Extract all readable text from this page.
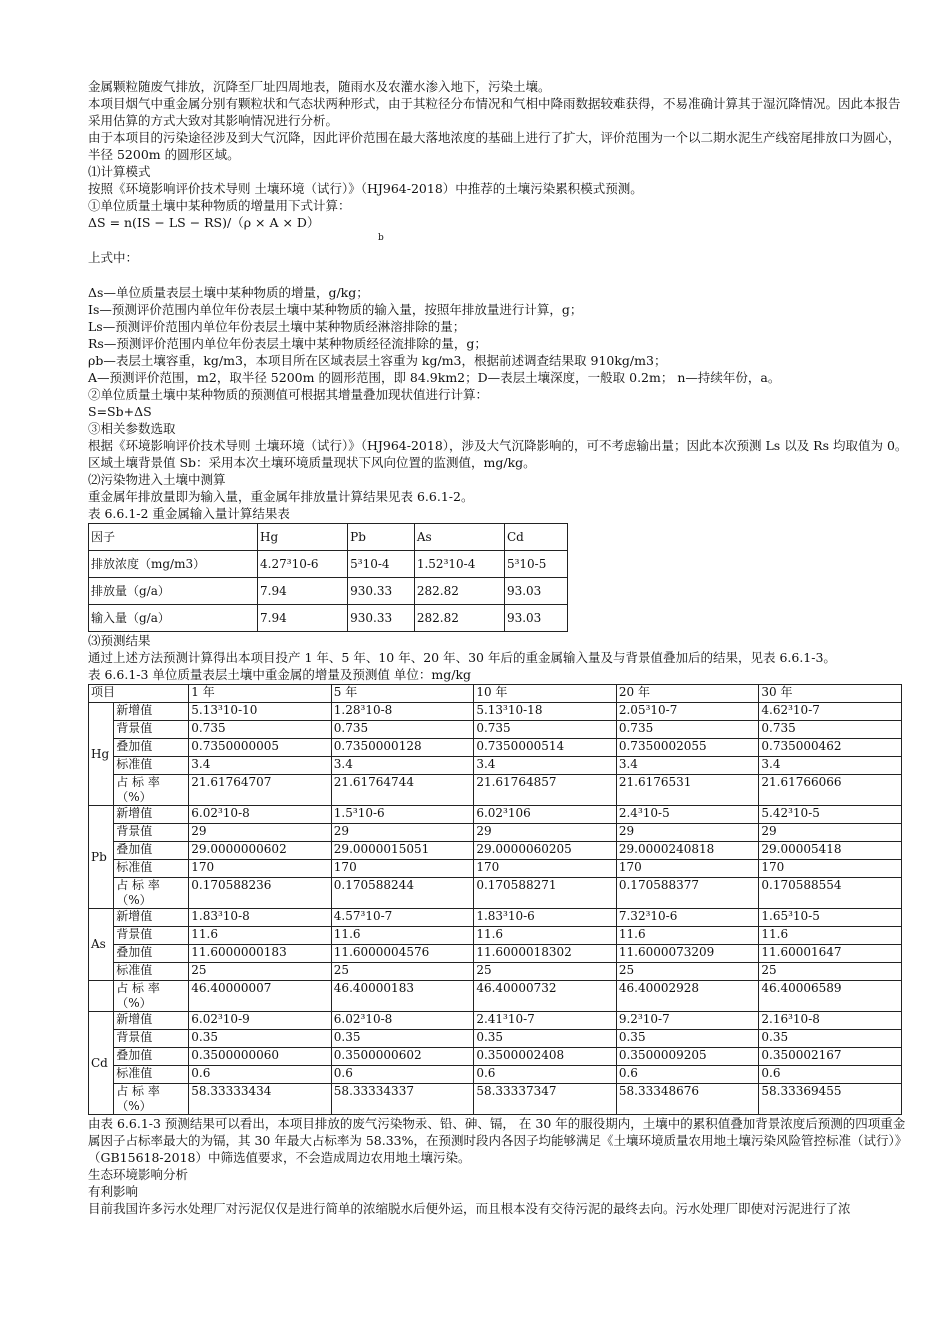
金属颗粒随废气排放，沉降至厂址四周地表，随雨水及农灌水渗入地下，污染土壤。

本项目烟气中重金属分别有颗粒状和气态状两种形式，由于其粒径分布情况和气相中降雨数据较难获得，不易准确计算其于湿沉降情况。因此本报告采用估算的方式大致对其影响情况进行分析。

由于本项目的污染途径涉及到大气沉降，因此评价范围在最大落地浓度的基础上进行了扩大，评价范围为一个以二期水泥生产线窑尾排放口为圆心，半径 5200m 的圆形区域。

⑴计算模式

按照《环境影响评价技术导则 土壤环境（试行）》（HJ964-2018）中推荐的土壤污染累积模式预测。

①单位质量土壤中某种物质的增量用下式计算：

ΔS = n(IS − LS − RS)/（ρ × A × D）

b

上式中：

Δs—单位质量表层土壤中某种物质的增量，g/kg；

Is—预测评价范围内单位年份表层土壤中某种物质的输入量，按照年排放量进行计算，g；

Ls—预测评价范围内单位年份表层土壤中某种物质经淋溶排除的量；

Rs—预测评价范围内单位年份表层土壤中某种物质经径流排除的量，g；

ρb—表层土壤容重，kg/m3，本项目所在区域表层土容重为 kg/m3，根据前述调查结果取 910kg/m3；

A—预测评价范围，m2，取半径 5200m 的圆形范围，即 84.9km2；D—表层土壤深度，一般取 0.2m； n—持续年份，a。

②单位质量土壤中某种物质的预测值可根据其增量叠加现状值进行计算：

S=Sb+ΔS

③相关参数选取

根据《环境影响评价技术导则 土壤环境（试行）》（HJ964-2018），涉及大气沉降影响的，可不考虑输出量；因此本次预测 Ls 以及 Rs 均取值为 0。

区域土壤背景值 Sb：采用本次土壤环境质量现状下风向位置的监测值，mg/kg。

⑵污染物进入土壤中测算

重金属年排放量即为输入量，重金属年排放量计算结果见表 6.6.1-2。

表 6.6.1-2 重金属输入量计算结果表

因子	Hg	Pb	As	Cd
排放浓度（mg/m3）	4.27³10-6	5³10-4	1.52³10-4	5³10-5
排放量（g/a）	7.94	930.33	282.82	93.03
输入量（g/a）	7.94	930.33	282.82	93.03

⑶预测结果

通过上述方法预测计算得出本项目投产 1 年、5 年、10 年、20 年、30 年后的重金属输入量及与背景值叠加后的结果，见表 6.6.1-3。

表 6.6.1-3 单位质量表层土壤中重金属的增量及预测值 单位：mg/kg

项目		1 年	5 年	10 年	20 年	30 年
Hg	新增值	5.13³10-10	1.28³10-8	5.13³10-18	2.05³10-7	4.62³10-7
	背景值	0.735	0.735	0.735	0.735	0.735
	叠加值	0.7350000005	0.7350000128	0.7350000514	0.7350002055	0.735000462
	标准值	3.4	3.4	3.4	3.4	3.4
	占 标 率（%）	21.61764707	21.61764744	21.61764857	21.6176531	21.61766066
Pb	新增值	6.02³10-8	1.5³10-6	6.02³106	2.4³10-5	5.42³10-5
	背景值	29	29	29	29	29
	叠加值	29.0000000602	29.0000015051	29.0000060205	29.0000240818	29.00005418
	标准值	170	170	170	170	170
	占 标 率（%）	0.170588236	0.170588244	0.170588271	0.170588377	0.170588554
As	新增值	1.83³10-8	4.57³10-7	1.83³10-6	7.32³10-6	1.65³10-5
	背景值	11.6	11.6	11.6	11.6	11.6
	叠加值	11.6000000183	11.6000004576	11.6000018302	11.6000073209	11.60001647
	标准值	25	25	25	25	25
	占 标 率（%）	46.40000007	46.40000183	46.40000732	46.40002928	46.40006589
Cd	新增值	6.02³10-9	6.02³10-8	2.41³10-7	9.2³10-7	2.16³10-8
	背景值	0.35	0.35	0.35	0.35	0.35
	叠加值	0.3500000060	0.3500000602	0.3500002408	0.3500009205	0.350002167
	标准值	0.6	0.6	0.6	0.6	0.6
	占 标 率（%）	58.33333434	58.33334337	58.33337347	58.33348676	58.33369455

由表 6.6.1-3 预测结果可以看出，本项目排放的废气污染物汞、铅、砷、镉， 在 30 年的服役期内，土壤中的累积值叠加背景浓度后预测的四项重金属因子占标率最大的为镉，其 30 年最大占标率为 58.33%，在预测时段内各因子均能够满足《土壤环境质量农用地土壤污染风险管控标准（试行）》（GB15618-2018）中筛选值要求，不会造成周边农用地土壤污染。

生态环境影响分析

有利影响

目前我国许多污水处理厂对污泥仅仅是进行简单的浓缩脱水后便外运，而且根本没有交待污泥的最终去向。污水处理厂即使对污泥进行了浓
